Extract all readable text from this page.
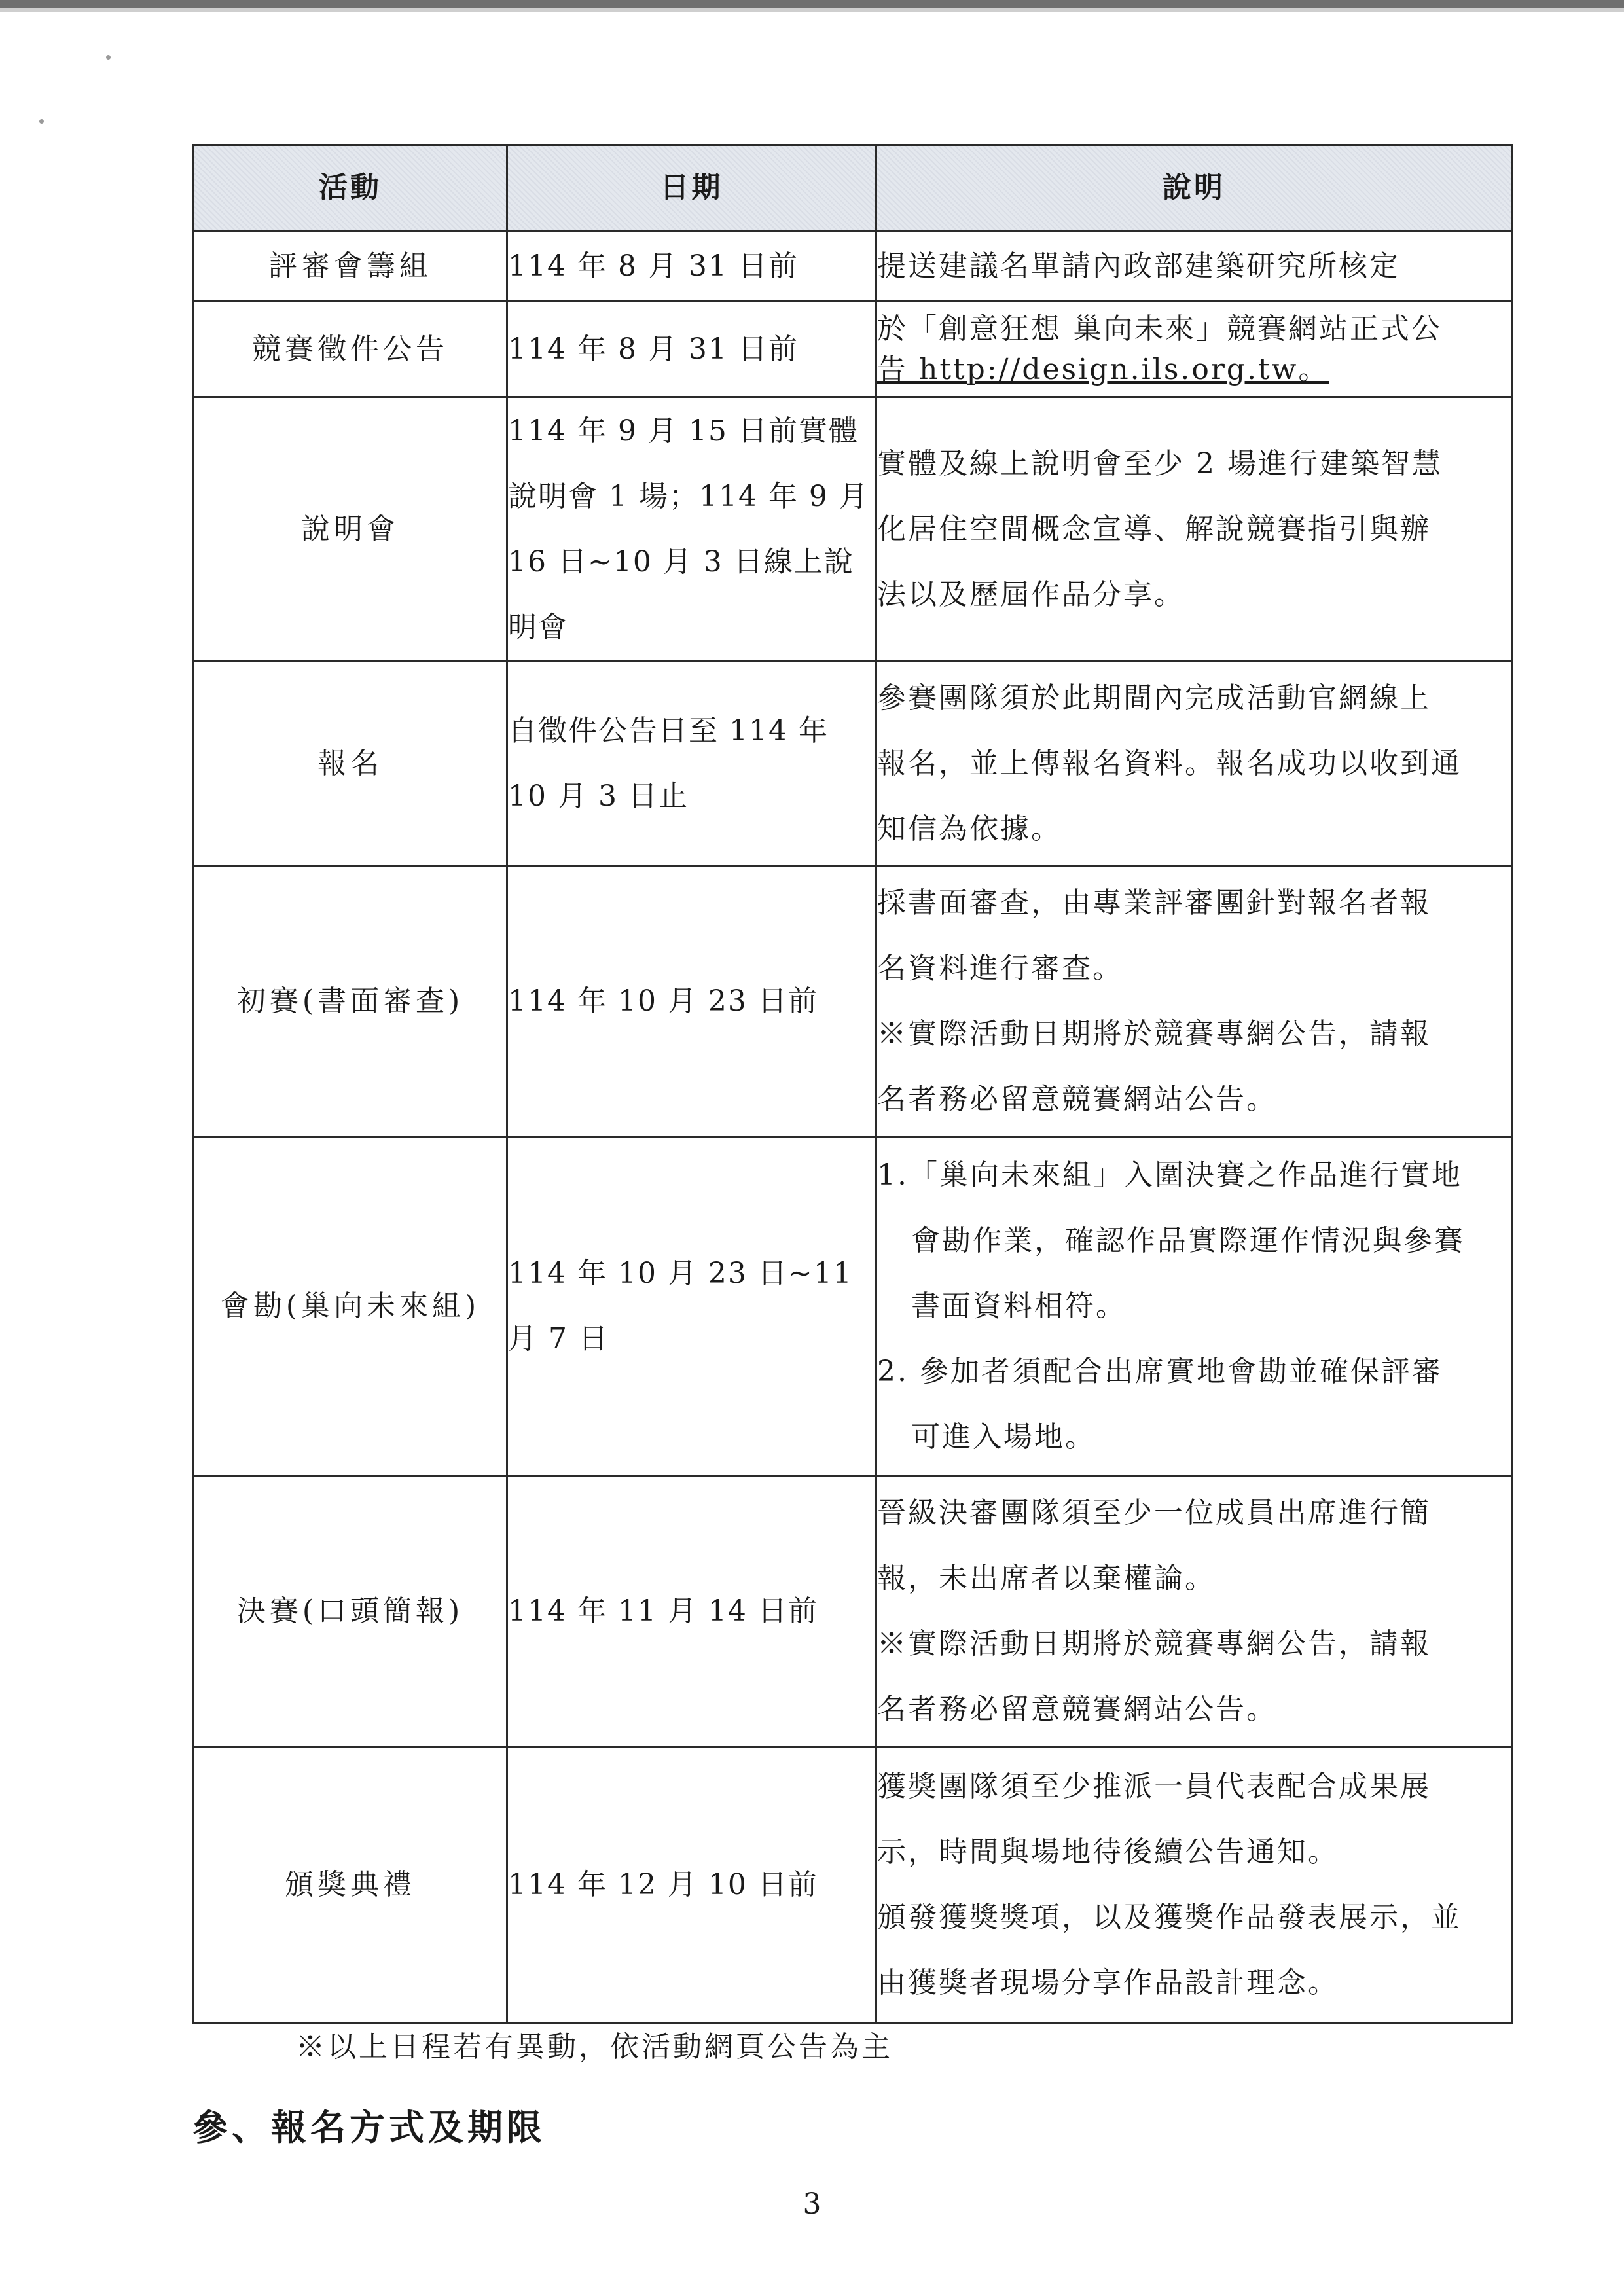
活動	日期	說明
評審會籌組	114 年 8 月 31 日前	提送建議名單請內政部建築研究所核定

競賽徵件公告	114 年 8 月 31 日前	於「創意狂想 巢向未來」競賽網站正式公
告 http://design.ils.org.tw。

說明會	114 年 9 月 15 日前實體 說明會 1 場；114 年 9 月 16 日~10 月 3 日線上說 明會	實體及線上說明會至少 2 場進行建築智慧
化居住空間概念宣導、解說競賽指引與辦
法以及歷屆作品分享。

報名	自徵件公告日至 114 年 10 月 3 日止	參賽團隊須於此期間內完成活動官網線上
報名，並上傳報名資料。報名成功以收到通
知信為依據。

初賽(書面審查)	114 年 10 月 23 日前	採書面審查，由專業評審團針對報名者報
名資料進行審查。
※實際活動日期將於競賽專網公告，請報
名者務必留意競賽網站公告。

會勘(巢向未來組)	114 年 10 月 23 日~11 月 7 日	1.「巢向未來組」入圍決賽之作品進行實地
會勘作業，確認作品實際運作情況與參賽
書面資料相符。
2. 參加者須配合出席實地會勘並確保評審
可進入場地。

決賽(口頭簡報)	114 年 11 月 14 日前	晉級決審團隊須至少一位成員出席進行簡
報，未出席者以棄權論。
※實際活動日期將於競賽專網公告，請報
名者務必留意競賽網站公告。

頒獎典禮	114 年 12 月 10 日前	獲獎團隊須至少推派一員代表配合成果展
示，時間與場地待後續公告通知。
頒發獲獎獎項，以及獲獎作品發表展示，並
由獲獎者現場分享作品設計理念。
※以上日程若有異動，依活動網頁公告為主
參、報名方式及期限
3
